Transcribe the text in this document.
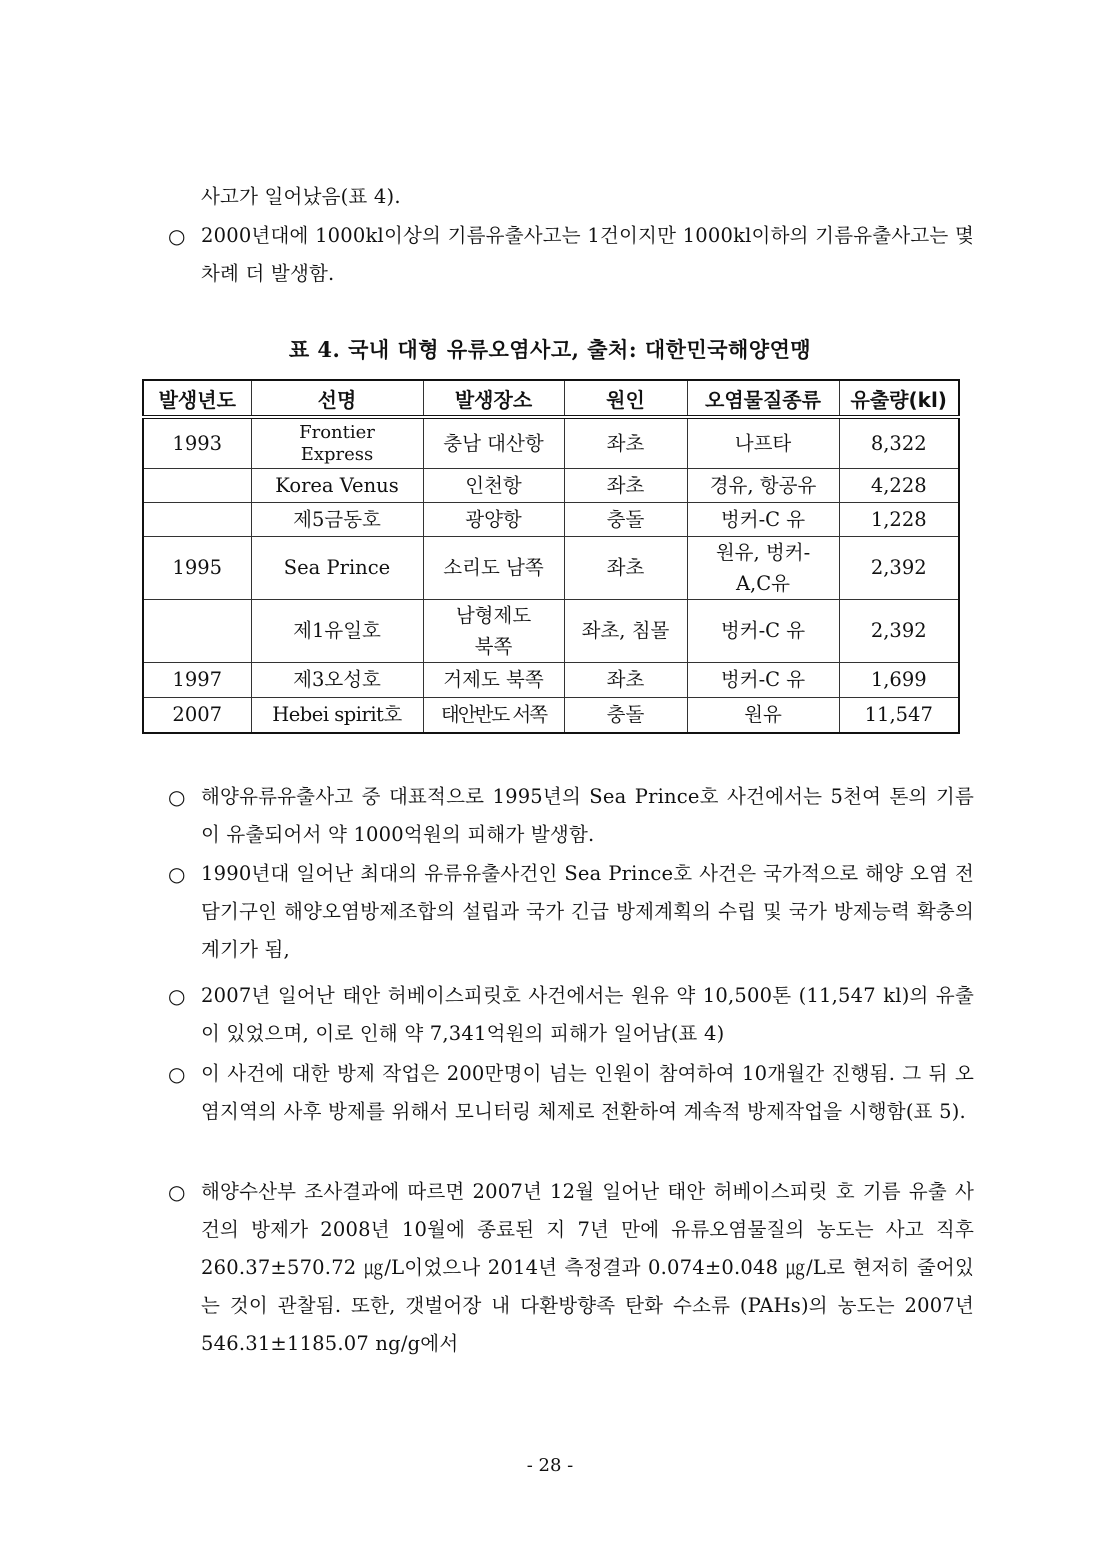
사고가 일어났음(표 4).
○ 2000년대에 1000kl이상의 기름유출사고는 1건이지만 1000kl이하의 기름유출사고는 몇 차례 더 발생함.
표 4. 국내 대형 유류오염사고, 출처: 대한민국해양연맹
발생년도	선명	발생장소	원인	오염물질종류	유출량(kl)
1993	Frontier Express	충남 대산항	좌초	나프타	8,322
	Korea Venus	인천항	좌초	경유, 항공유	4,228
	제5금동호	광양항	충돌	벙커-C 유	1,228
1995	Sea Prince	소리도 남쪽	좌초	원유, 벙커-A,C유	2,392
	제1유일호	남형제도 북쪽	좌초, 침몰	벙커-C 유	2,392
1997	제3오성호	거제도 북쪽	좌초	벙커-C 유	1,699
2007	Hebei spirit호	태안반도 서쪽	충돌	원유	11,547
○ 해양유류유출사고 중 대표적으로 1995년의 Sea Prince호 사건에서는 5천여 톤의 기름이 유출되어서 약 1000억원의 피해가 발생함.
○ 1990년대 일어난 최대의 유류유출사건인 Sea Prince호 사건은 국가적으로 해양 오염 전담기구인 해양오염방제조합의 설립과 국가 긴급 방제계획의 수립 및 국가 방제능력 확충의 계기가 됨,
○ 2007년 일어난 태안 허베이스피릿호 사건에서는 원유 약 10,500톤 (11,547 kl)의 유출이 있었으며, 이로 인해 약 7,341억원의 피해가 일어남(표 4)
○ 이 사건에 대한 방제 작업은 200만명이 넘는 인원이 참여하여 10개월간 진행됨. 그 뒤 오염지역의 사후 방제를 위해서 모니터링 체제로 전환하여 계속적 방제작업을 시행함(표 5).
○ 해양수산부 조사결과에 따르면 2007년 12월 일어난 태안 허베이스피릿 호 기름 유출 사건의 방제가 2008년 10월에 종료된 지 7년 만에 유류오염물질의 농도는 사고 직후 260.37±570.72 ㎍/L이었으나 2014년 측정결과 0.074±0.048 ㎍/L로 현저히 줄어있는 것이 관찰됨. 또한, 갯벌어장 내 다환방향족 탄화 수소류 (PAHs)의 농도는 2007년 546.31±1185.07 ng/g에서
- 28 -
